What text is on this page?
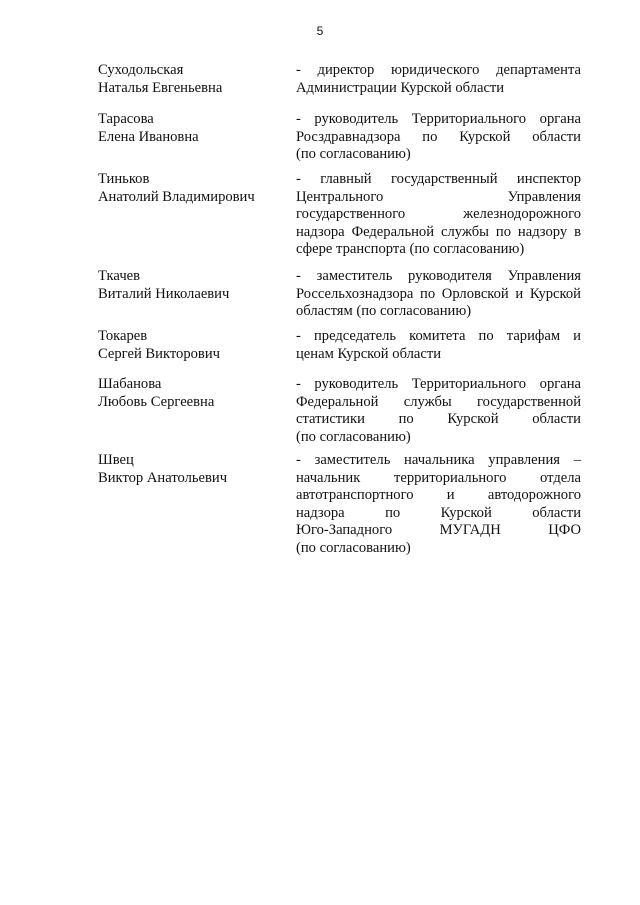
5
Суходольская
Наталья Евгеньевна
- директор юридического департамента
Администрации Курской области
Тарасова
Елена Ивановна
- руководитель Территориального органа
Росздравнадзора по Курской области
(по согласованию)
Тиньков
Анатолий Владимирович
- главный государственный инспектор
Центрального Управления
государственного железнодорожного
надзора Федеральной службы по надзору в
сфере транспорта (по согласованию)
Ткачев
Виталий Николаевич
- заместитель руководителя Управления
Россельхознадзора по Орловской и Курской
областям (по согласованию)
Токарев
Сергей Викторович
- председатель комитета по тарифам и
ценам Курской области
Шабанова
Любовь Сергеевна
- руководитель Территориального органа
Федеральной службы государственной
статистики по Курской области
(по согласованию)
Швец
Виктор Анатольевич
- заместитель начальника управления –
начальник территориального отдела
автотранспортного и автодорожного
надзора по Курской области
Юго-Западного МУГАДН ЦФО
(по согласованию)
